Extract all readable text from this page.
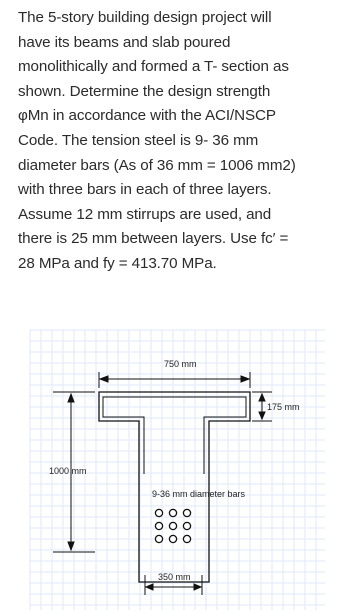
The 5-story building design project will
have its beams and slab poured
monolithically and formed a T- section as
shown. Determine the design strength
φMn in accordance with the ACI/NSCP
Code. The tension steel is 9- 36 mm
diameter bars (As of 36 mm = 1006 mm2)
with three bars in each of three layers.
Assume 12 mm stirrups are used, and
there is 25 mm between layers. Use fc′ =
28 MPa and fy = 413.70 MPa.
750 mm
175 mm
1000 mm
9-36 mm diameter bars
350 mm
